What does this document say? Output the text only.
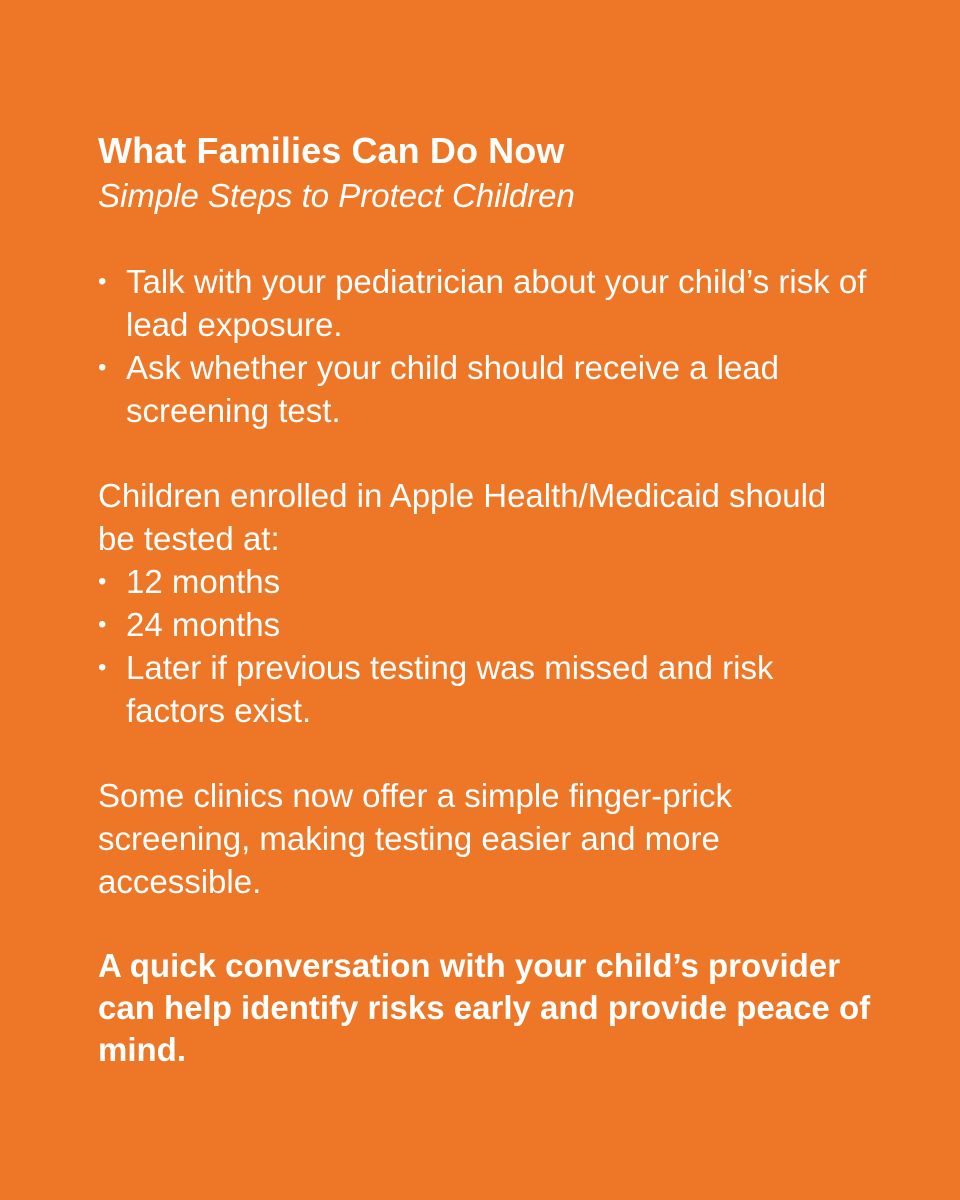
What Families Can Do Now

Simple Steps to Protect Children

• Talk with your pediatrician about your child’s risk of lead exposure.
• Ask whether your child should receive a lead screening test.

Children enrolled in Apple Health/Medicaid should be tested at:

• 12 months
• 24 months
• Later if previous testing was missed and risk factors exist.

Some clinics now offer a simple finger-prick screening, making testing easier and more accessible.

A quick conversation with your child’s provider can help identify risks early and provide peace of mind.
